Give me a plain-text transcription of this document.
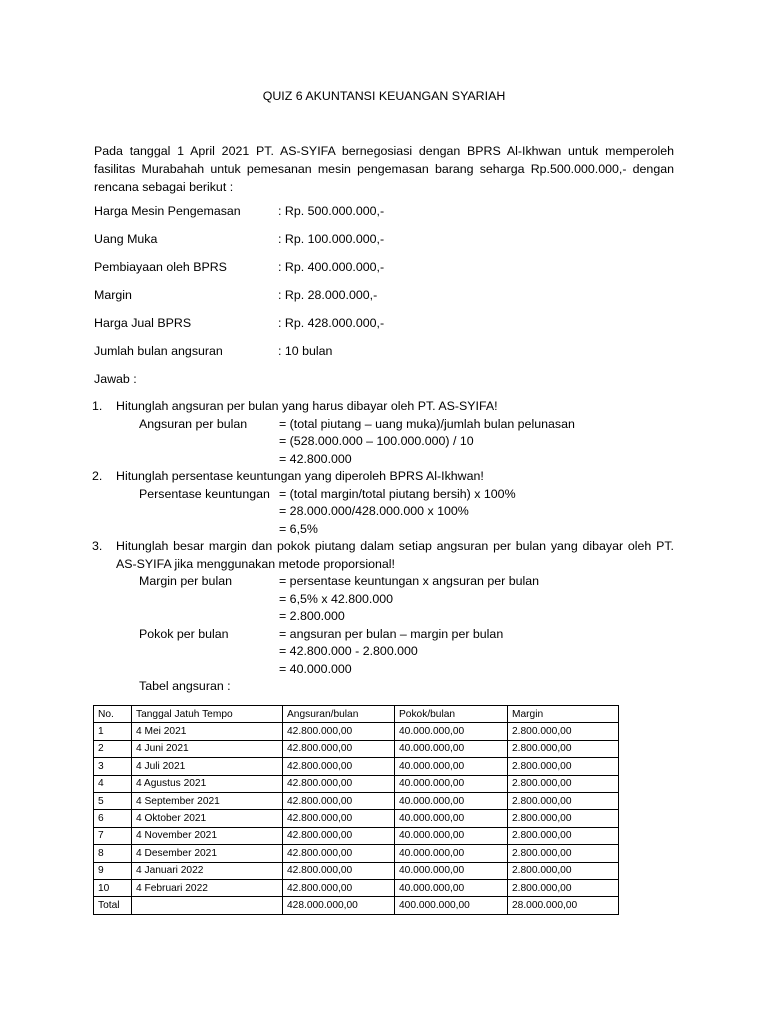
QUIZ 6 AKUNTANSI KEUANGAN SYARIAH
Pada tanggal 1 April 2021 PT. AS-SYIFA bernegosiasi dengan BPRS Al-Ikhwan untuk memperoleh fasilitas Murabahah untuk pemesanan mesin pengemasan barang seharga Rp.500.000.000,- dengan rencana sebagai berikut :
Harga Mesin Pengemasan	: Rp. 500.000.000,-
Uang Muka	: Rp. 100.000.000,-
Pembiayaan oleh BPRS	: Rp. 400.000.000,-
Margin	: Rp. 28.000.000,-
Harga Jual BPRS	: Rp. 428.000.000,-
Jumlah bulan angsuran	: 10 bulan
Jawab :
1. Hitunglah angsuran per bulan yang harus dibayar oleh PT. AS-SYIFA!
Angsuran per bulan	= (total piutang – uang muka)/jumlah bulan pelunasan
= (528.000.000 – 100.000.000) / 10
= 42.800.000
2. Hitunglah persentase keuntungan yang diperoleh BPRS Al-Ikhwan!
Persentase keuntungan = (total margin/total piutang bersih) x 100%
= 28.000.000/428.000.000 x 100%
= 6,5%
3. Hitunglah besar margin dan pokok piutang dalam setiap angsuran per bulan yang dibayar oleh PT. AS-SYIFA jika menggunakan metode proporsional!
Margin per bulan	= persentase keuntungan x angsuran per bulan
= 6,5% x 42.800.000
= 2.800.000
Pokok per bulan	= angsuran per bulan – margin per bulan
= 42.800.000 - 2.800.000
= 40.000.000
Tabel angsuran :
No.	Tanggal Jatuh Tempo	Angsuran/bulan	Pokok/bulan	Margin
1	4 Mei 2021	42.800.000,00	40.000.000,00	2.800.000,00
2	4 Juni 2021	42.800.000,00	40.000.000,00	2.800.000,00
3	4 Juli 2021	42.800.000,00	40.000.000,00	2.800.000,00
4	4 Agustus 2021	42.800.000,00	40.000.000,00	2.800.000,00
5	4 September 2021	42.800.000,00	40.000.000,00	2.800.000,00
6	4 Oktober 2021	42.800.000,00	40.000.000,00	2.800.000,00
7	4 November 2021	42.800.000,00	40.000.000,00	2.800.000,00
8	4 Desember 2021	42.800.000,00	40.000.000,00	2.800.000,00
9	4 Januari 2022	42.800.000,00	40.000.000,00	2.800.000,00
10	4 Februari 2022	42.800.000,00	40.000.000,00	2.800.000,00
Total		428.000.000,00	400.000.000,00	28.000.000,00
